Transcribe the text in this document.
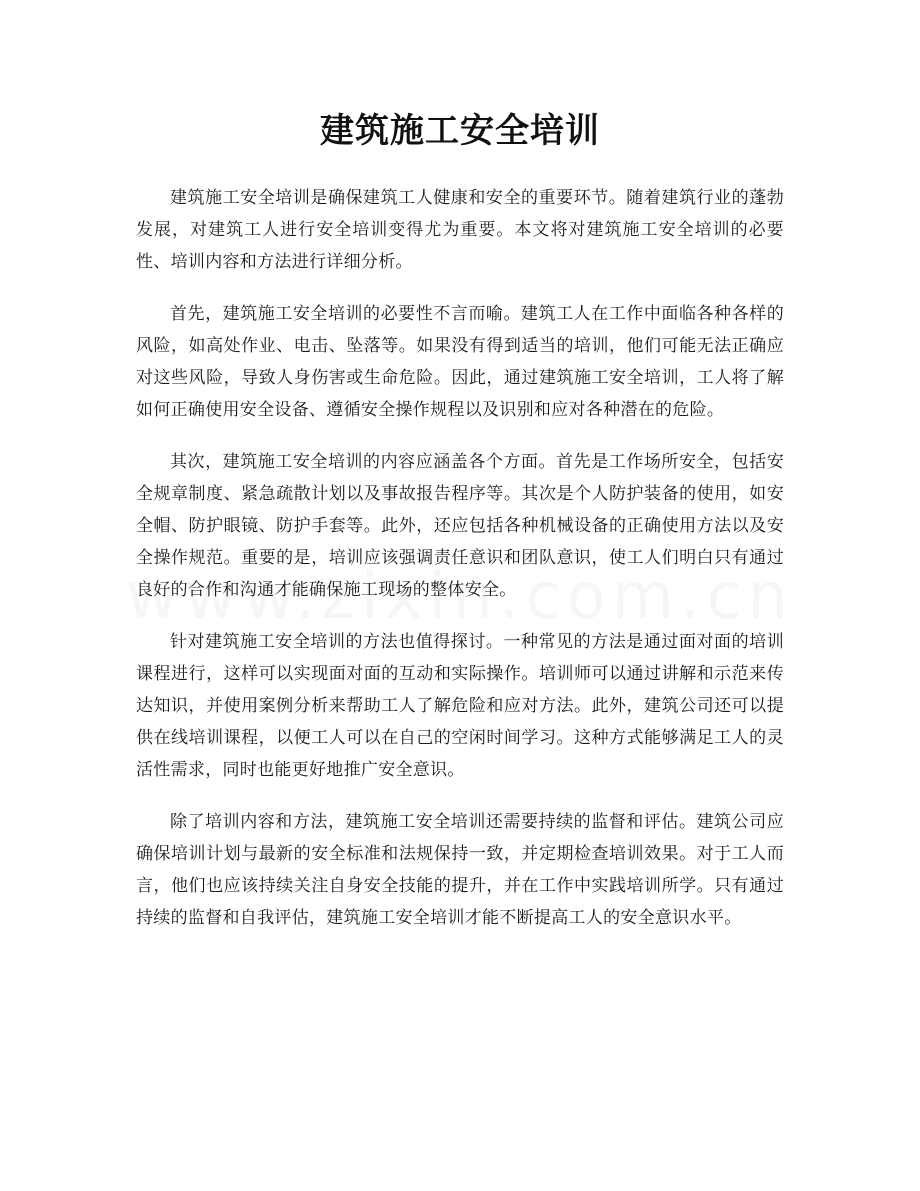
建筑施工安全培训

建筑施工安全培训是确保建筑工人健康和安全的重要环节。随着建筑行业的蓬勃发展，对建筑工人进行安全培训变得尤为重要。本文将对建筑施工安全培训的必要性、培训内容和方法进行详细分析。

首先，建筑施工安全培训的必要性不言而喻。建筑工人在工作中面临各种各样的风险，如高处作业、电击、坠落等。如果没有得到适当的培训，他们可能无法正确应对这些风险，导致人身伤害或生命危险。因此，通过建筑施工安全培训，工人将了解如何正确使用安全设备、遵循安全操作规程以及识别和应对各种潜在的危险。

其次，建筑施工安全培训的内容应涵盖各个方面。首先是工作场所安全，包括安全规章制度、紧急疏散计划以及事故报告程序等。其次是个人防护装备的使用，如安全帽、防护眼镜、防护手套等。此外，还应包括各种机械设备的正确使用方法以及安全操作规范。重要的是，培训应该强调责任意识和团队意识，使工人们明白只有通过良好的合作和沟通才能确保施工现场的整体安全。

针对建筑施工安全培训的方法也值得探讨。一种常见的方法是通过面对面的培训课程进行，这样可以实现面对面的互动和实际操作。培训师可以通过讲解和示范来传达知识，并使用案例分析来帮助工人了解危险和应对方法。此外，建筑公司还可以提供在线培训课程，以便工人可以在自己的空闲时间学习。这种方式能够满足工人的灵活性需求，同时也能更好地推广安全意识。

除了培训内容和方法，建筑施工安全培训还需要持续的监督和评估。建筑公司应确保培训计划与最新的安全标准和法规保持一致，并定期检查培训效果。对于工人而言，他们也应该持续关注自身安全技能的提升，并在工作中实践培训所学。只有通过持续的监督和自我评估，建筑施工安全培训才能不断提高工人的安全意识水平。
